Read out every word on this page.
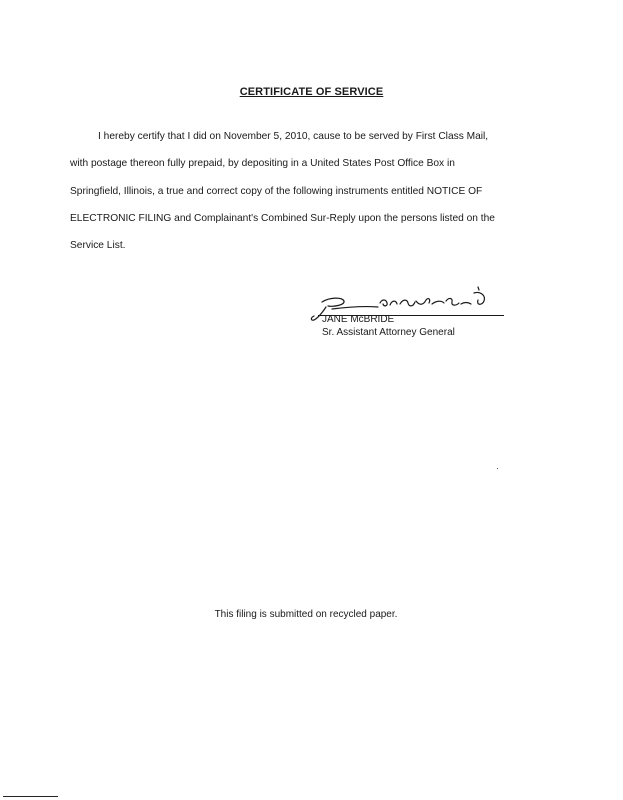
CERTIFICATE OF SERVICE
I hereby certify that I did on November 5, 2010, cause to be served by First Class Mail,
with postage thereon fully prepaid, by depositing in a United States Post Office Box in
Springfield, Illinois, a true and correct copy of the following instruments entitled NOTICE OF
ELECTRONIC FILING and Complainant's Combined Sur-Reply upon the persons listed on the
Service List.
JANE McBRIDE
Sr. Assistant Attorney General
This filing is submitted on recycled paper.
